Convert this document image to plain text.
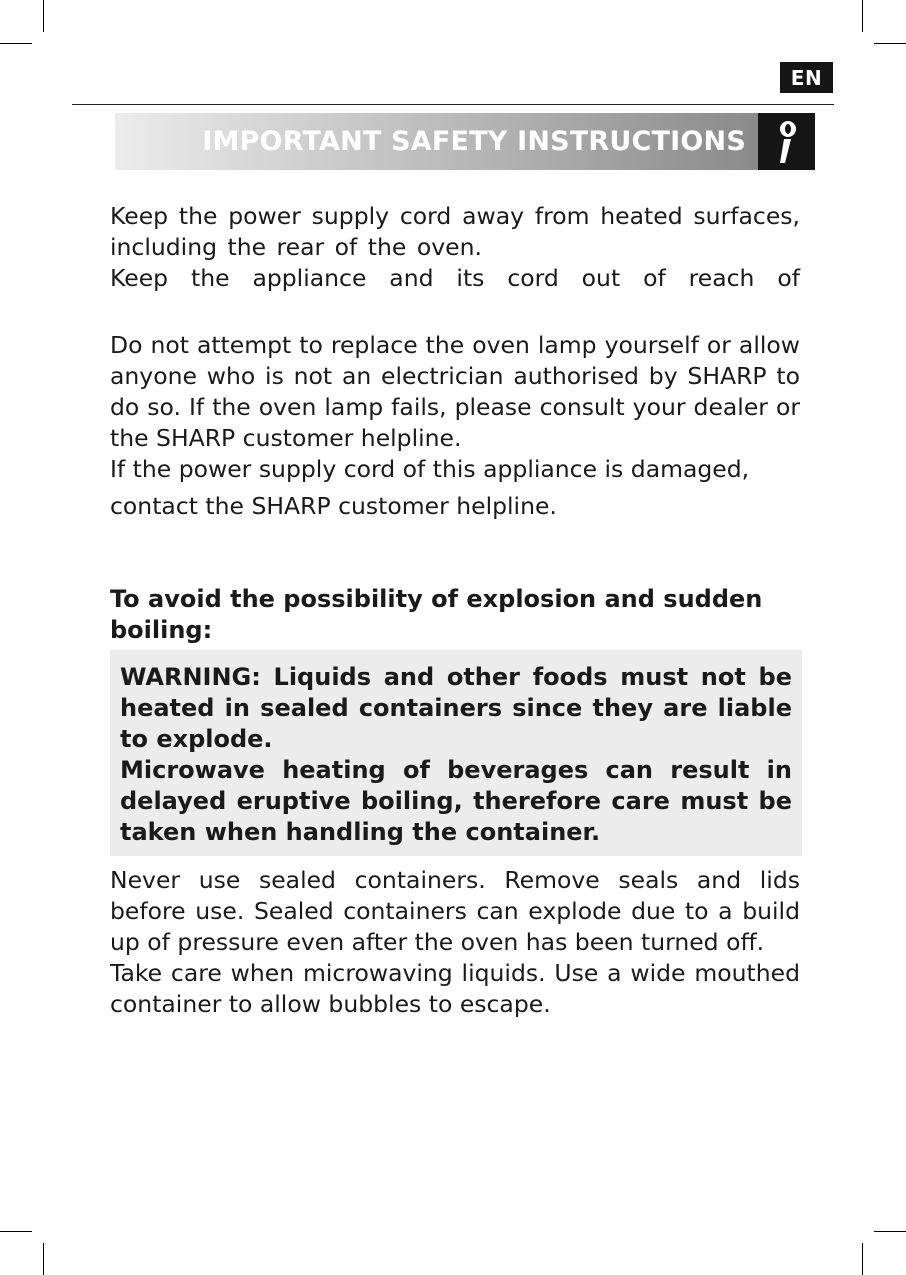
EN
IMPORTANT SAFETY INSTRUCTIONS

Keep the power supply cord away from heated surfaces, including the rear of the oven.

Keep the appliance and its cord out of reach of

Do not attempt to replace the oven lamp yourself or allow anyone who is not an electrician authorised by SHARP to do so. If the oven lamp fails, please consult your dealer or the SHARP customer helpline.

If the power supply cord of this appliance is damaged,

contact the SHARP customer helpline.

To avoid the possibility of explosion and sudden boiling:

WARNING: Liquids and other foods must not be heated in sealed containers since they are liable to explode.

Microwave heating of beverages can result in delayed eruptive boiling, therefore care must be taken when handling the container.

Never use sealed containers. Remove seals and lids before use. Sealed containers can explode due to a build up of pressure even after the oven has been turned off.

Take care when microwaving liquids. Use a wide mouthed container to allow bubbles to escape.
